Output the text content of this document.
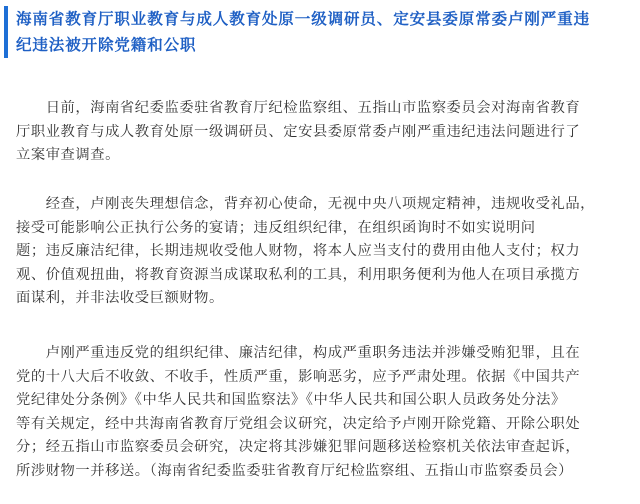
海南省教育厅职业教育与成人教育处原一级调研员、定安县委原常委卢刚严重违
纪违法被开除党籍和公职
　　日前，海南省纪委监委驻省教育厅纪检监察组、五指山市监察委员会对海南省教育
厅职业教育与成人教育处原一级调研员、定安县委原常委卢刚严重违纪违法问题进行了
立案审查调查。
　　经查，卢刚丧失理想信念，背弃初心使命，无视中央八项规定精神，违规收受礼品，
接受可能影响公正执行公务的宴请；违反组织纪律，在组织函询时不如实说明问
题；违反廉洁纪律，长期违规收受他人财物，将本人应当支付的费用由他人支付；权力
观、价值观扭曲，将教育资源当成谋取私利的工具，利用职务便利为他人在项目承揽方
面谋利，并非法收受巨额财物。
　　卢刚严重违反党的组织纪律、廉洁纪律，构成严重职务违法并涉嫌受贿犯罪，且在
党的十八大后不收敛、不收手，性质严重，影响恶劣，应予严肃处理。依据《中国共产
党纪律处分条例》《中华人民共和国监察法》《中华人民共和国公职人员政务处分法》
等有关规定，经中共海南省教育厅党组会议研究，决定给予卢刚开除党籍、开除公职处
分；经五指山市监察委员会研究，决定将其涉嫌犯罪问题移送检察机关依法审查起诉，
所涉财物一并移送。（海南省纪委监委驻省教育厅纪检监察组、五指山市监察委员会）
